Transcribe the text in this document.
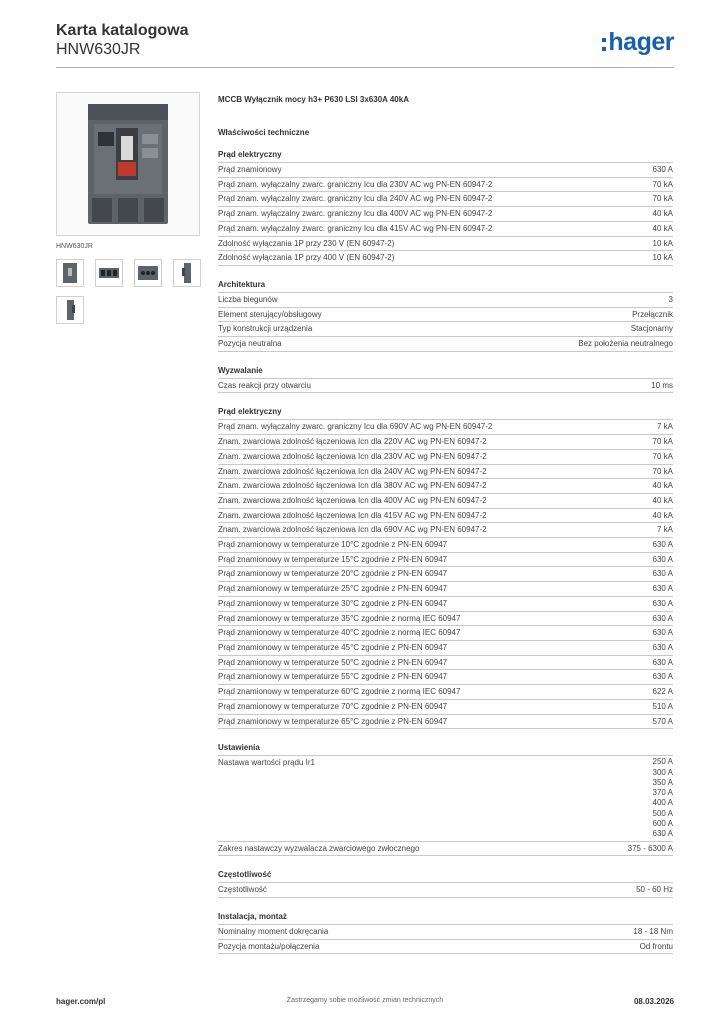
Karta katalogowa
HNW630JR	hager
HNW630JR
MCCB Wyłącznik mocy h3+ P630 LSI 3x630A 40kA
Właściwości techniczne
Prąd elektryczny
Prąd znamionowy	630 A
Prąd znam. wyłączalny zwarc. graniczny Icu dla 230V AC wg PN-EN 60947-2	70 kA
Prąd znam. wyłączalny zwarc. graniczny Icu dla 240V AC wg PN-EN 60947-2	70 kA
Prąd znam. wyłączalny zwarc. graniczny Icu dla 400V AC wg PN-EN 60947-2	40 kA
Prąd znam. wyłączalny zwarc. graniczny Icu dla 415V AC wg PN-EN 60947-2	40 kA
Zdolność wyłączania 1P przy 230 V (EN 60947-2)	10 kA
Zdolność wyłączania 1P przy 400 V (EN 60947-2)	10 kA
Architektura
Liczba biegunów	3
Element sterujący/obsługowy	Przełącznik
Typ konstrukcji urządzenia	Stacjonarny
Pozycja neutralna	Bez położenia neutralnego
Wyzwalanie
Czas reakcji przy otwarciu	10 ms
Prąd elektryczny
Prąd znam. wyłączalny zwarc. graniczny Icu dla 690V AC wg PN-EN 60947-2	7 kA
Znam. zwarciowa zdolność łączeniowa Icn dla 220V AC wg PN-EN 60947-2	70 kA
Znam. zwarciowa zdolność łączeniowa Icn dla 230V AC wg PN-EN 60947-2	70 kA
Znam. zwarciowa zdolność łączeniowa Icn dla 240V AC wg PN-EN 60947-2	70 kA
Znam. zwarciowa zdolność łączeniowa Icn dla 380V AC wg PN-EN 60947-2	40 kA
Znam. zwarciowa zdolność łączeniowa Icn dla 400V AC wg PN-EN 60947-2	40 kA
Znam. zwarciowa zdolność łączeniowa Icn dla 415V AC wg PN-EN 60947-2	40 kA
Znam. zwarciowa zdolność łączeniowa Icn dla 690V AC wg PN-EN 60947-2	7 kA
Prąd znamionowy w temperaturze 10°C zgodnie z PN-EN 60947	630 A
Prąd znamionowy w temperaturze 15°C zgodnie z PN-EN 60947	630 A
Prąd znamionowy w temperaturze 20°C zgodnie z PN-EN 60947	630 A
Prąd znamionowy w temperaturze 25°C zgodnie z PN-EN 60947	630 A
Prąd znamionowy w temperaturze 30°C zgodnie z PN-EN 60947	630 A
Prąd znamionowy w temperaturze 35°C zgodnie z normą IEC 60947	630 A
Prąd znamionowy w temperaturze 40°C zgodnie z normą IEC 60947	630 A
Prąd znamionowy w temperaturze 45°C zgodnie z PN-EN 60947	630 A
Prąd znamionowy w temperaturze 50°C zgodnie z PN-EN 60947	630 A
Prąd znamionowy w temperaturze 55°C zgodnie z PN-EN 60947	630 A
Prąd znamionowy w temperaturze 60°C zgodnie z normą IEC 60947	622 A
Prąd znamionowy w temperaturze 70°C zgodnie z PN-EN 60947	510 A
Prąd znamionowy w temperaturze 65°C zgodnie z PN-EN 60947	570 A
Ustawienia
Nastawa wartości prądu Ir1	250 A
300 A
350 A
370 A
400 A
500 A
600 A
630 A
Zakres nastawczy wyzwalacza zwarciowego zwłocznego	375 - 6300 A
Częstotliwość
Częstotliwość	50 - 60 Hz
Instalacja, montaż
Nominalny moment dokręcania	18 - 18 Nm
Pozycja montażu/połączenia	Od frontu
hager.com/pl	Zastrzegamy sobie możliwość zmian technicznych	08.03.2026
